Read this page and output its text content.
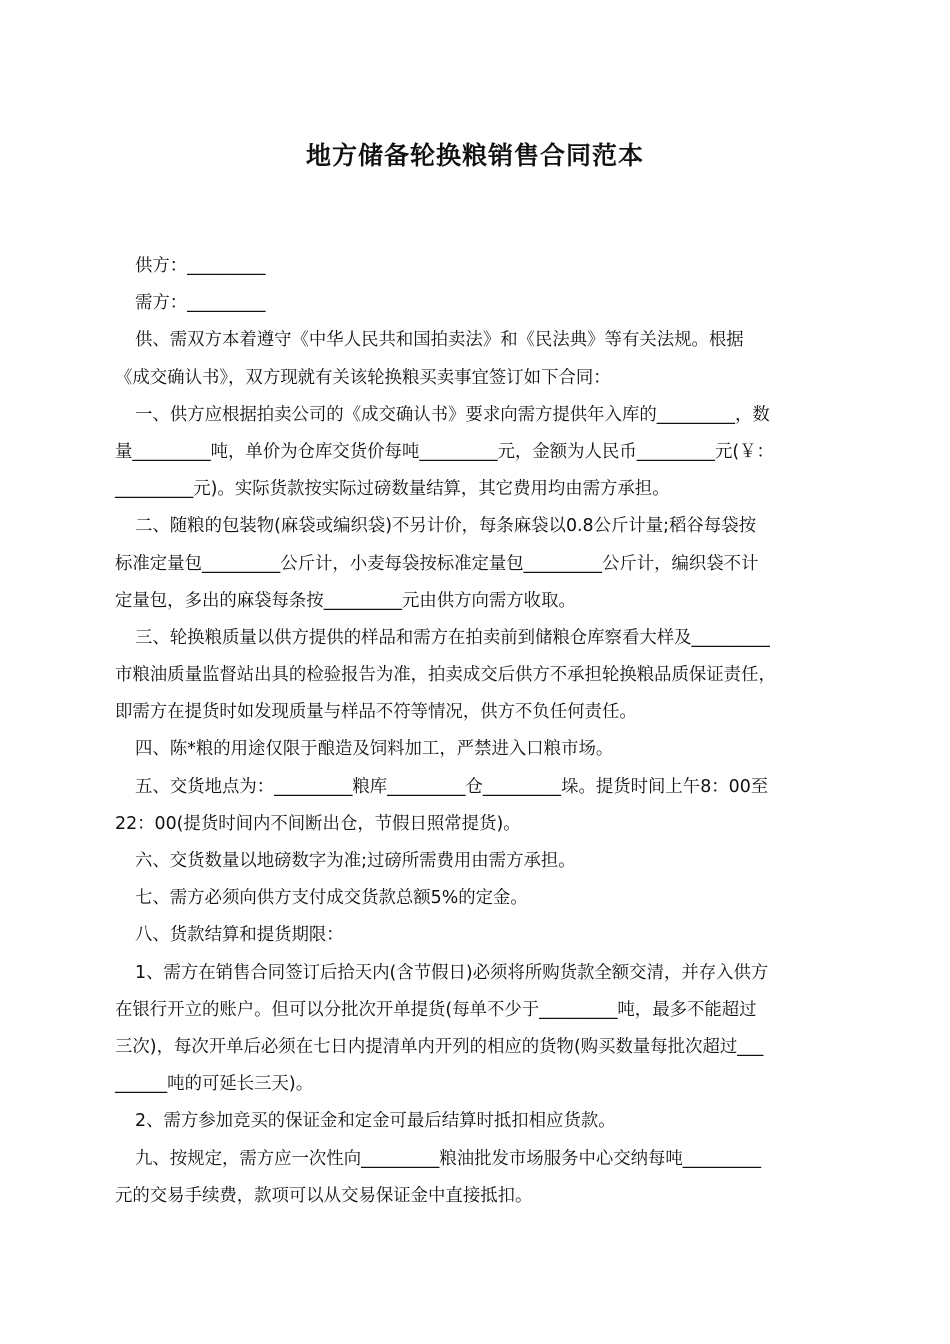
地方储备轮换粮销售合同范本
供方：_________
需方：_________
供、需双方本着遵守《中华人民共和国拍卖法》和《民法典》等有关法规。根据
《成交确认书》，双方现就有关该轮换粮买卖事宜签订如下合同：
一、供方应根据拍卖公司的《成交确认书》要求向需方提供年入库的_________，数
量_________吨，单价为仓库交货价每吨_________元，金额为人民币_________元(￥：
_________元)。实际货款按实际过磅数量结算，其它费用均由需方承担。
二、随粮的包装物(麻袋或编织袋)不另计价，每条麻袋以0.8公斤计量;稻谷每袋按
标准定量包_________公斤计，小麦每袋按标准定量包_________公斤计，编织袋不计
定量包，多出的麻袋每条按_________元由供方向需方收取。
三、轮换粮质量以供方提供的样品和需方在拍卖前到储粮仓库察看大样及_________
市粮油质量监督站出具的检验报告为准，拍卖成交后供方不承担轮换粮品质保证责任，
即需方在提货时如发现质量与样品不符等情况，供方不负任何责任。
四、陈*粮的用途仅限于酿造及饲料加工，严禁进入口粮市场。
五、交货地点为：_________粮库_________仓_________垛。提货时间上午8：00至
22：00(提货时间内不间断出仓，节假日照常提货)。
六、交货数量以地磅数字为准;过磅所需费用由需方承担。
七、需方必须向供方支付成交货款总额5%的定金。
八、货款结算和提货期限：
1、需方在销售合同签订后拾天内(含节假日)必须将所购货款全额交清，并存入供方
在银行开立的账户。但可以分批次开单提货(每单不少于_________吨，最多不能超过
三次)，每次开单后必须在七日内提清单内开列的相应的货物(购买数量每批次超过___
______吨的可延长三天)。
2、需方参加竞买的保证金和定金可最后结算时抵扣相应货款。
九、按规定，需方应一次性向_________粮油批发市场服务中心交纳每吨_________
元的交易手续费，款项可以从交易保证金中直接抵扣。
